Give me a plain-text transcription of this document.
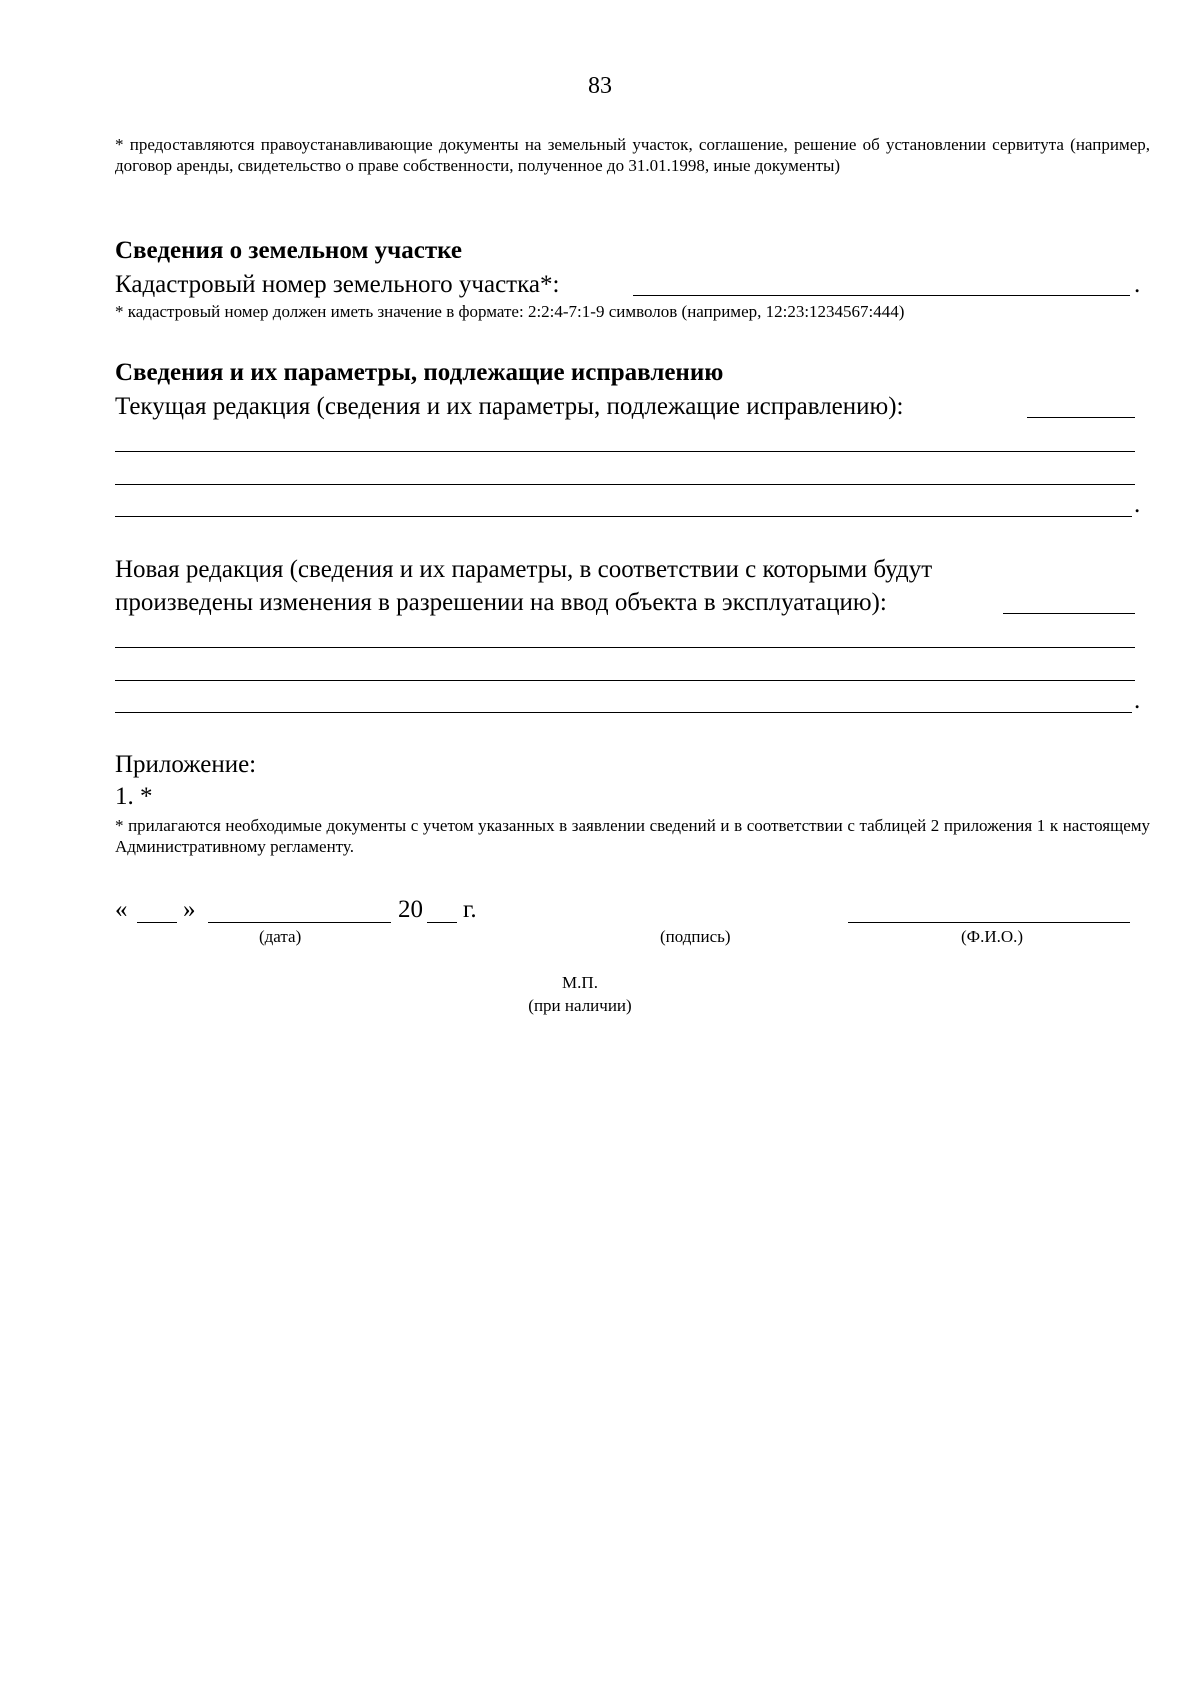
83
* предоставляются правоустанавливающие документы на земельный участок, соглашение, решение об установлении сервитута (например, договор аренды, свидетельство о праве собственности, полученное до 31.01.1998, иные документы)
Сведения о земельном участке
Кадастровый номер земельного участка*:	.
* кадастровый номер должен иметь значение в формате: 2:2:4-7:1-9 символов (например, 12:23:1234567:444)
Сведения и их параметры, подлежащие исправлению
Текущая редакция (сведения и их параметры, подлежащие исправлению):
.
Новая редакция (сведения и их параметры, в соответствии с которыми будут
произведены изменения в разрешении на ввод объекта в эксплуатацию):
.
Приложение:
1. *
* прилагаются необходимые документы с учетом указанных в заявлении сведений и в соответствии с таблицей 2 приложения 1 к настоящему Административному регламенту.
« »	20 г.
(дата)	(подпись)	(Ф.И.О.)
М.П.
(при наличии)
